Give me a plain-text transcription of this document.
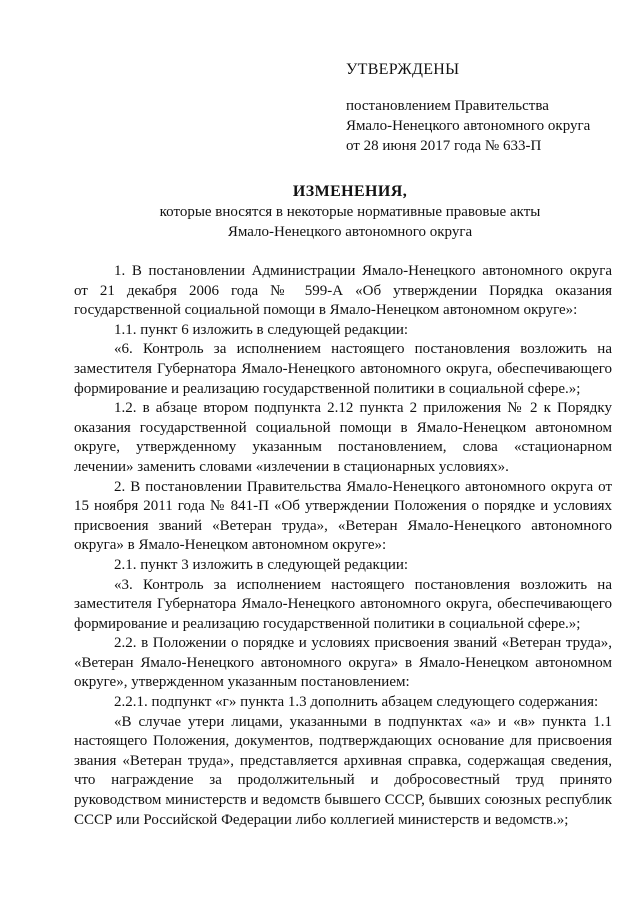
УТВЕРЖДЕНЫ
постановлением Правительства
Ямало-Ненецкого автономного округа
от 28 июня 2017 года № 633-П
ИЗМЕНЕНИЯ,
которые вносятся в некоторые нормативные правовые акты
Ямало-Ненецкого автономного округа

1. В постановлении Администрации Ямало-Ненецкого автономного округа от 21 декабря 2006 года № 599-А «Об утверждении Порядка оказания государственной социальной помощи в Ямало-Ненецком автономном округе»:

1.1. пункт 6 изложить в следующей редакции:

«6. Контроль за исполнением настоящего постановления возложить на заместителя Губернатора Ямало-Ненецкого автономного округа, обеспечивающего формирование и реализацию государственной политики в социальной сфере.»;

1.2. в абзаце втором подпункта 2.12 пункта 2 приложения № 2 к Порядку оказания государственной социальной помощи в Ямало-Ненецком автономном округе, утвержденному указанным постановлением, слова «стационарном лечении» заменить словами «излечении в стационарных условиях».

2. В постановлении Правительства Ямало-Ненецкого автономного округа от 15 ноября 2011 года № 841-П «Об утверждении Положения о порядке и условиях присвоения званий «Ветеран труда», «Ветеран Ямало-Ненецкого автономного округа» в Ямало-Ненецком автономном округе»:

2.1. пункт 3 изложить в следующей редакции:

«3. Контроль за исполнением настоящего постановления возложить на заместителя Губернатора Ямало-Ненецкого автономного округа, обеспечивающего формирование и реализацию государственной политики в социальной сфере.»;

2.2. в Положении о порядке и условиях присвоения званий «Ветеран труда», «Ветеран Ямало-Ненецкого автономного округа» в Ямало-Ненецком автономном округе», утвержденном указанным постановлением:

2.2.1. подпункт «г» пункта 1.3 дополнить абзацем следующего содержания:

«В случае утери лицами, указанными в подпунктах «а» и «в» пункта 1.1 настоящего Положения, документов, подтверждающих основание для присвоения звания «Ветеран труда», представляется архивная справка, содержащая сведения, что награждение за продолжительный и добросовестный труд принято руководством министерств и ведомств бывшего СССР, бывших союзных республик СССР или Российской Федерации либо коллегией министерств и ведомств.»;
